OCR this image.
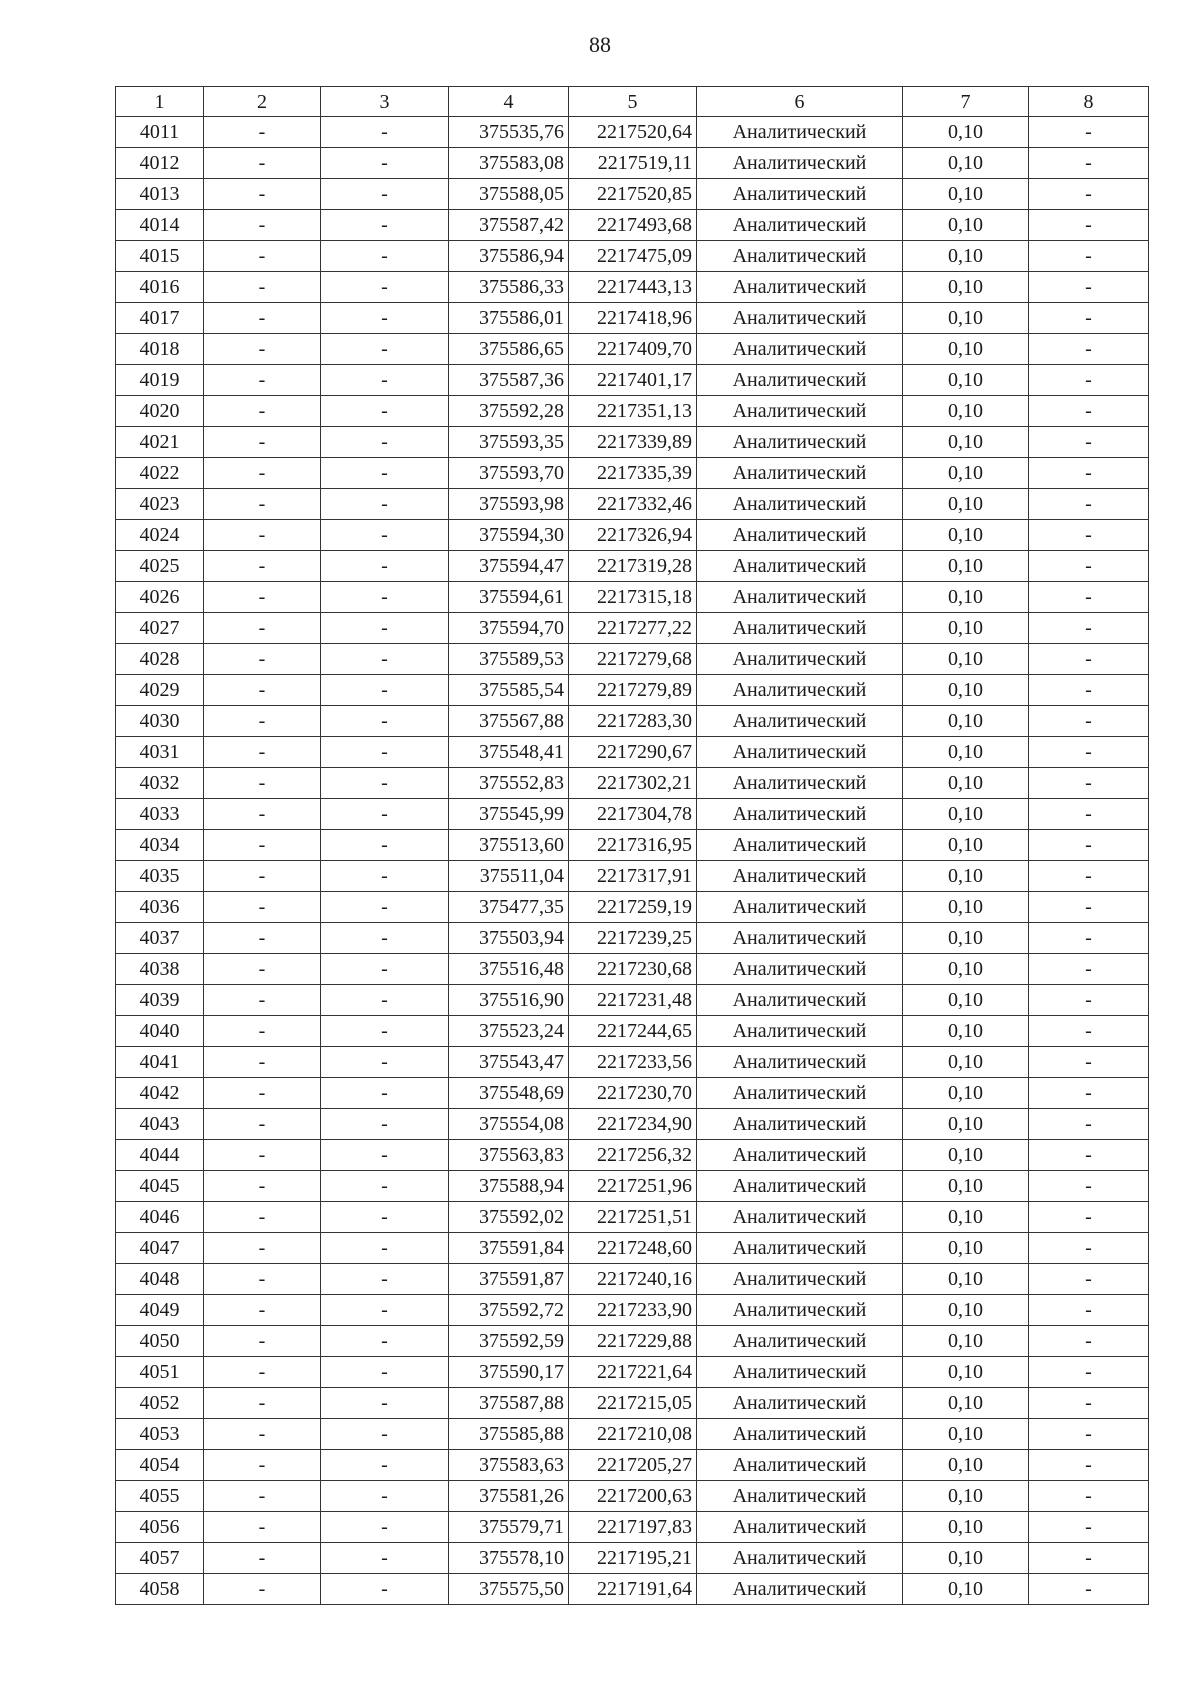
88
1	2	3	4	5	6	7	8
4011	-	-	375535,76	2217520,64	Аналитический	0,10	-
4012	-	-	375583,08	2217519,11	Аналитический	0,10	-
4013	-	-	375588,05	2217520,85	Аналитический	0,10	-
4014	-	-	375587,42	2217493,68	Аналитический	0,10	-
4015	-	-	375586,94	2217475,09	Аналитический	0,10	-
4016	-	-	375586,33	2217443,13	Аналитический	0,10	-
4017	-	-	375586,01	2217418,96	Аналитический	0,10	-
4018	-	-	375586,65	2217409,70	Аналитический	0,10	-
4019	-	-	375587,36	2217401,17	Аналитический	0,10	-
4020	-	-	375592,28	2217351,13	Аналитический	0,10	-
4021	-	-	375593,35	2217339,89	Аналитический	0,10	-
4022	-	-	375593,70	2217335,39	Аналитический	0,10	-
4023	-	-	375593,98	2217332,46	Аналитический	0,10	-
4024	-	-	375594,30	2217326,94	Аналитический	0,10	-
4025	-	-	375594,47	2217319,28	Аналитический	0,10	-
4026	-	-	375594,61	2217315,18	Аналитический	0,10	-
4027	-	-	375594,70	2217277,22	Аналитический	0,10	-
4028	-	-	375589,53	2217279,68	Аналитический	0,10	-
4029	-	-	375585,54	2217279,89	Аналитический	0,10	-
4030	-	-	375567,88	2217283,30	Аналитический	0,10	-
4031	-	-	375548,41	2217290,67	Аналитический	0,10	-
4032	-	-	375552,83	2217302,21	Аналитический	0,10	-
4033	-	-	375545,99	2217304,78	Аналитический	0,10	-
4034	-	-	375513,60	2217316,95	Аналитический	0,10	-
4035	-	-	375511,04	2217317,91	Аналитический	0,10	-
4036	-	-	375477,35	2217259,19	Аналитический	0,10	-
4037	-	-	375503,94	2217239,25	Аналитический	0,10	-
4038	-	-	375516,48	2217230,68	Аналитический	0,10	-
4039	-	-	375516,90	2217231,48	Аналитический	0,10	-
4040	-	-	375523,24	2217244,65	Аналитический	0,10	-
4041	-	-	375543,47	2217233,56	Аналитический	0,10	-
4042	-	-	375548,69	2217230,70	Аналитический	0,10	-
4043	-	-	375554,08	2217234,90	Аналитический	0,10	-
4044	-	-	375563,83	2217256,32	Аналитический	0,10	-
4045	-	-	375588,94	2217251,96	Аналитический	0,10	-
4046	-	-	375592,02	2217251,51	Аналитический	0,10	-
4047	-	-	375591,84	2217248,60	Аналитический	0,10	-
4048	-	-	375591,87	2217240,16	Аналитический	0,10	-
4049	-	-	375592,72	2217233,90	Аналитический	0,10	-
4050	-	-	375592,59	2217229,88	Аналитический	0,10	-
4051	-	-	375590,17	2217221,64	Аналитический	0,10	-
4052	-	-	375587,88	2217215,05	Аналитический	0,10	-
4053	-	-	375585,88	2217210,08	Аналитический	0,10	-
4054	-	-	375583,63	2217205,27	Аналитический	0,10	-
4055	-	-	375581,26	2217200,63	Аналитический	0,10	-
4056	-	-	375579,71	2217197,83	Аналитический	0,10	-
4057	-	-	375578,10	2217195,21	Аналитический	0,10	-
4058	-	-	375575,50	2217191,64	Аналитический	0,10	-
